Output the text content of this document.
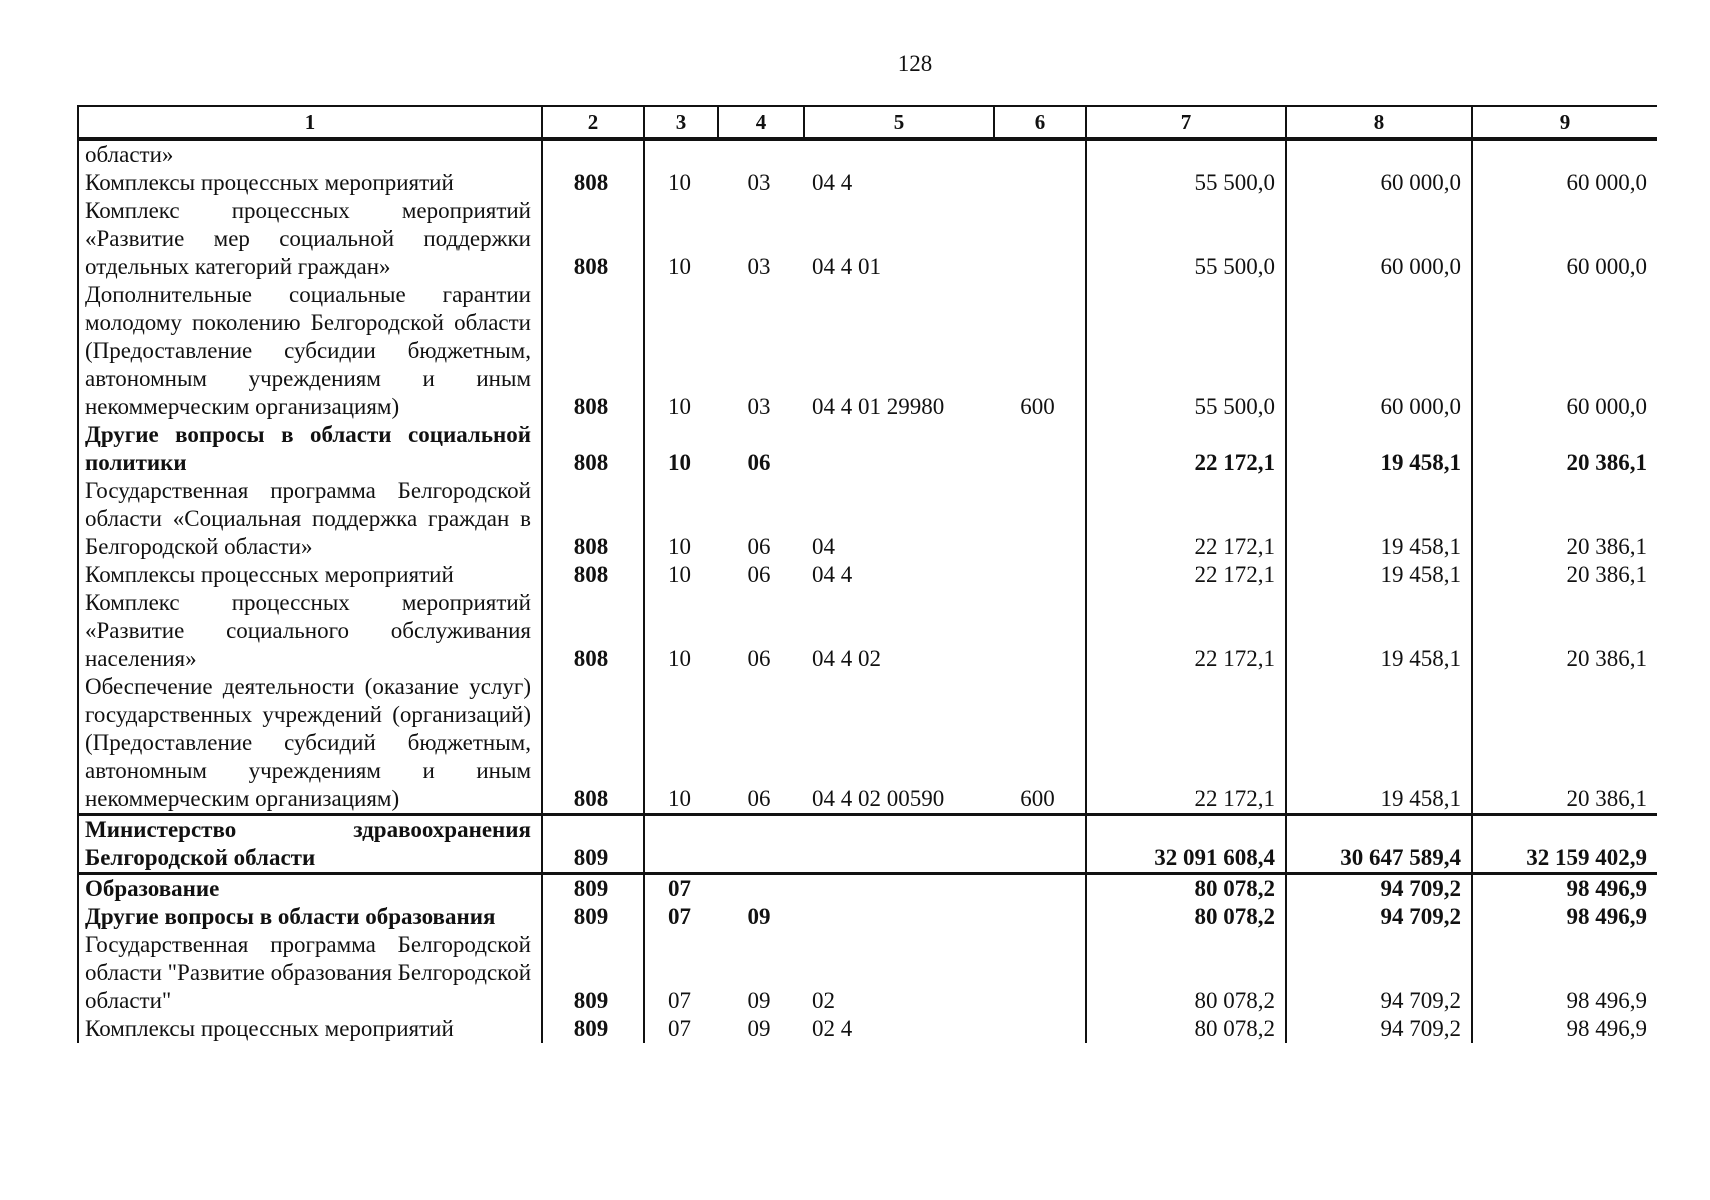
128
1	2	3	4	5	6	7	8	9
области»								
Комплексы процессных мероприятий	808	10	03	04 4		55 500,0	60 000,0	60 000,0
Комплекс процессных мероприятий «Развитие мер социальной поддержки отдельных категорий граждан»	808	10	03	04 4 01		55 500,0	60 000,0	60 000,0
Дополнительные социальные гарантии молодому поколению Белгородской области (Предоставление субсидии бюджетным, автономным учреждениям и иным некоммерческим организациям)	808	10	03	04 4 01 29980	600	55 500,0	60 000,0	60 000,0
Другие вопросы в области социальной политики	808	10	06			22 172,1	19 458,1	20 386,1
Государственная программа Белгородской области «Социальная поддержка граждан в Белгородской области»	808	10	06	04		22 172,1	19 458,1	20 386,1
Комплексы процессных мероприятий	808	10	06	04 4		22 172,1	19 458,1	20 386,1
Комплекс процессных мероприятий «Развитие социального обслуживания населения»	808	10	06	04 4 02		22 172,1	19 458,1	20 386,1
Обеспечение деятельности (оказание услуг) государственных учреждений (организаций) (Предоставление субсидий бюджетным, автономным учреждениям и иным некоммерческим организациям)	808	10	06	04 4 02 00590	600	22 172,1	19 458,1	20 386,1
Министерство здравоохранения Белгородской области	809					32 091 608,4	30 647 589,4	32 159 402,9
Образование	809	07				80 078,2	94 709,2	98 496,9
Другие вопросы в области образования	809	07	09			80 078,2	94 709,2	98 496,9
Государственная программа Белгородской области "Развитие образования Белгородской области"	809	07	09	02		80 078,2	94 709,2	98 496,9
Комплексы процессных мероприятий	809	07	09	02 4		80 078,2	94 709,2	98 496,9
